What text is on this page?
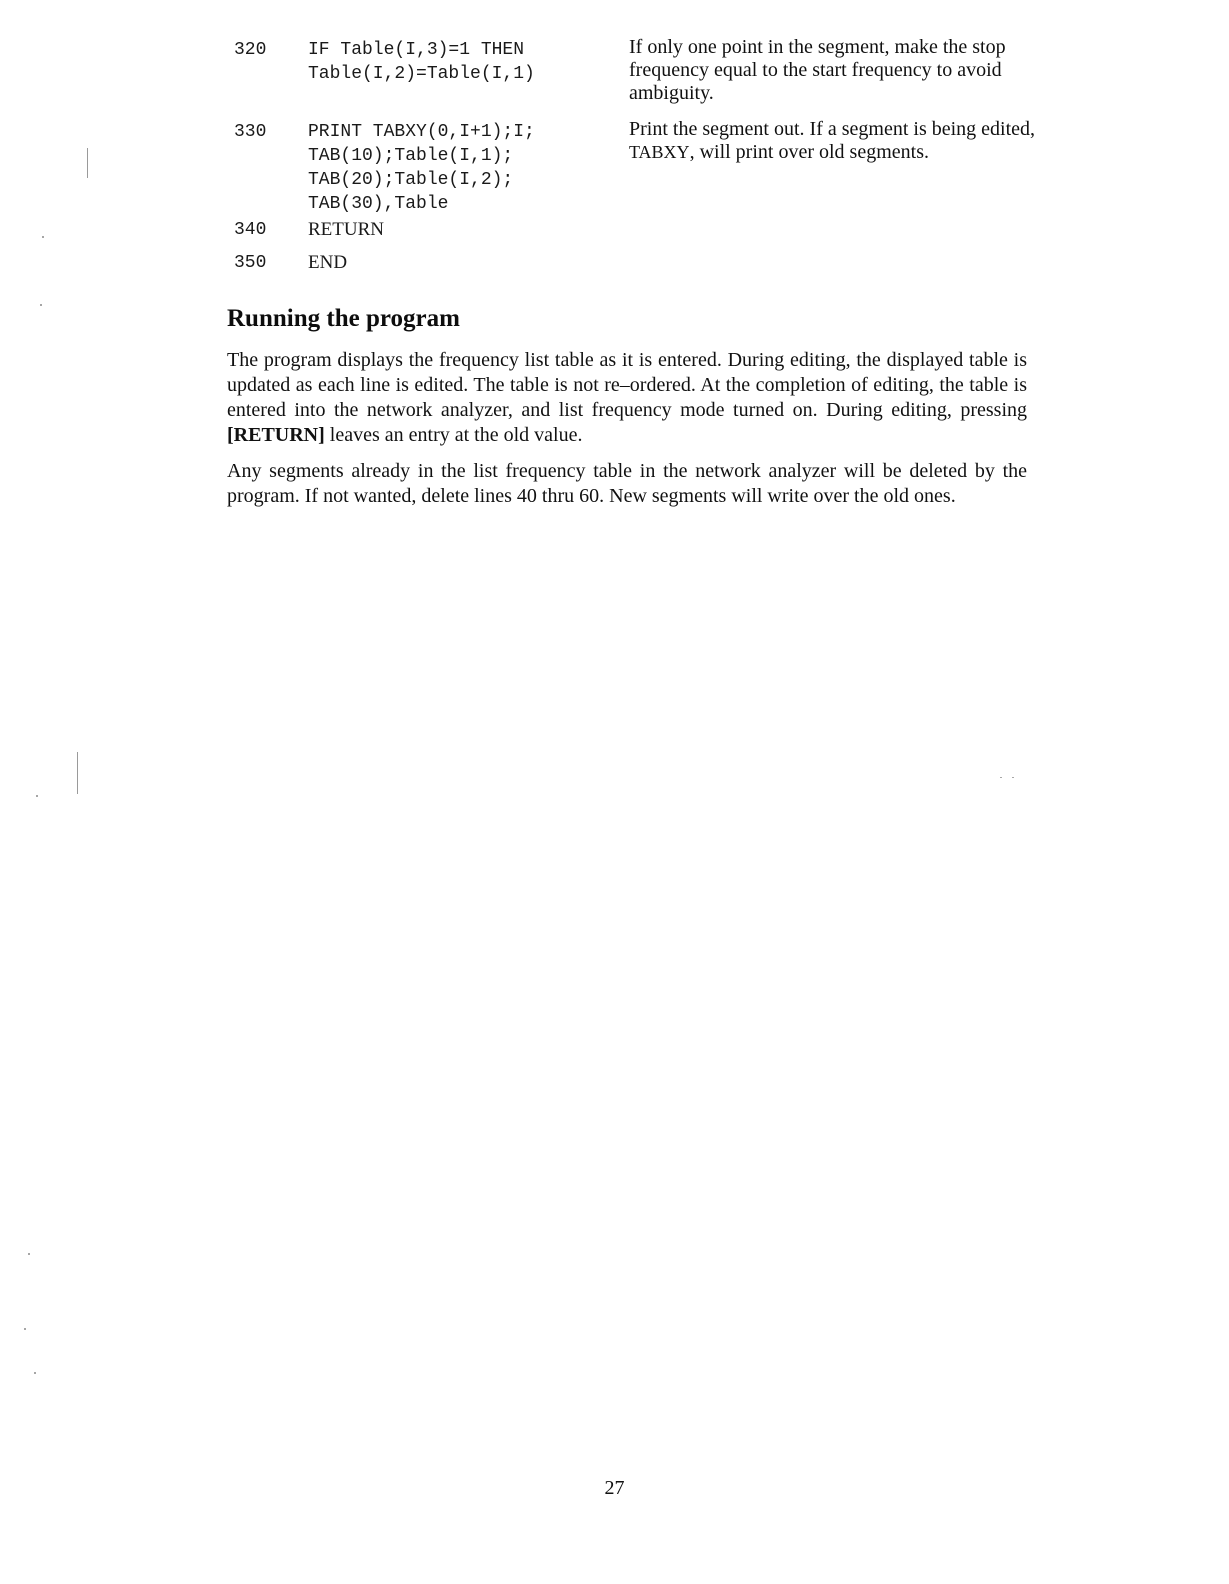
320 IF Table(I,3)=1 THEN
Table(I,2)=Table(I,1)
If only one point in the segment, make the stop frequency equal to the start frequency to avoid ambiguity.
330 PRINT TABXY(0,I+1);I;
TAB(10);Table(I,1);
TAB(20);Table(I,2);
TAB(30),Table
Print the segment out. If a segment is being edited, TABXY, will print over old segments.
340 RETURN
350 END
Running the program

The program displays the frequency list table as it is entered. During editing, the displayed table is updated as each line is edited. The table is not re–ordered. At the completion of editing, the table is entered into the network analyzer, and list frequency mode turned on. During editing, pressing [RETURN] leaves an entry at the old value.

Any segments already in the list frequency table in the network analyzer will be deleted by the program. If not wanted, delete lines 40 thru 60. New segments will write over the old ones.

27
